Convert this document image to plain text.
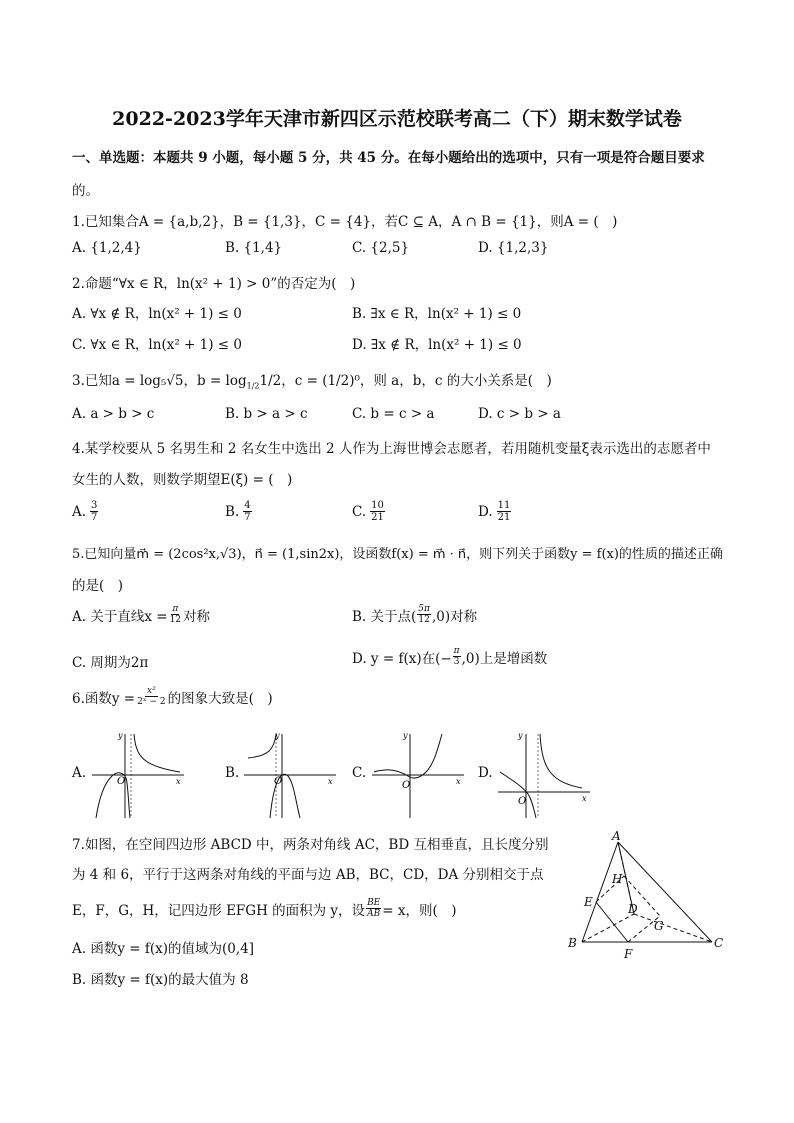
2022-2023学年天津市新四区示范校联考高二（下）期末数学试卷
一、单选题：本题共 9 小题，每小题 5 分，共 45 分。在每小题给出的选项中，只有一项是符合题目要求
的。
1.已知集合A = {a,b,2}，B = {1,3}，C = {4}，若C ⊆ A，A ∩ B = {1}，则A = (　)
A. {1,2,4}	B. {1,4}	C. {2,5}	D. {1,2,3}
2.命题“∀x ∈ R，ln(x² + 1) > 0”的否定为(　)
A. ∀x ∉ R，ln(x² + 1) ≤ 0	B. ∃x ∈ R，ln(x² + 1) ≤ 0
C. ∀x ∈ R，ln(x² + 1) ≤ 0	D. ∃x ∉ R，ln(x² + 1) ≤ 0
3.已知a = log₅√5，$b = \log_{1/2}1/2$，c = (1/2)⁰，则 a，b，c 的大小关系是(　)
A. a > b > c	B. b > a > c	C. b = c > a	D. c > b > a
4.某学校要从 5 名男生和 2 名女生中选出 2 人作为上海世博会志愿者，若用随机变量ξ表示选出的志愿者中
女生的人数，则数学期望E(ξ) = (　)
A. $\frac{3}{7}$	B. $\frac{4}{7}$	C. $\frac{10}{21}$	D. $\frac{11}{21}$
5.已知向量m⃗ = (2cos²x,√3)，n⃗ = (1,sin2x)，设函数f(x) = m⃗ · n⃗，则下列关于函数y = f(x)的性质的描述正确
的是(　)
A. 关于直线$x = \frac{\pi}{12}$ 对称	B. 关于点( $\frac{5\pi}{12} ,0$)对称
C. 周期为2π	D. y = f(x)在(− $\frac{\pi}{3} ,0$)上是增函数
6.函数$y = \frac{\text{x²}}{\text{2ˣ − 2}}$ 的图象大致是(　)
A.
y
x
O
B.
y
x
O
C.
y
x
O
D.
y
x
O
7.如图，在空间四边形 ABCD 中，两条对角线 AC，BD 互相垂直，且长度分别
为 4 和 6，平行于这两条对角线的平面与边 AB，BC，CD，DA 分别相交于点
E，F，G，H，记四边形 EFGH 的面积为 y，设 $\frac{BE}{AB} = x$，则(　)
A. 函数y = f(x)的值域为(0,4]
B. 函数y = f(x)的最大值为 8
A
B	C
D
E
F
G
H
